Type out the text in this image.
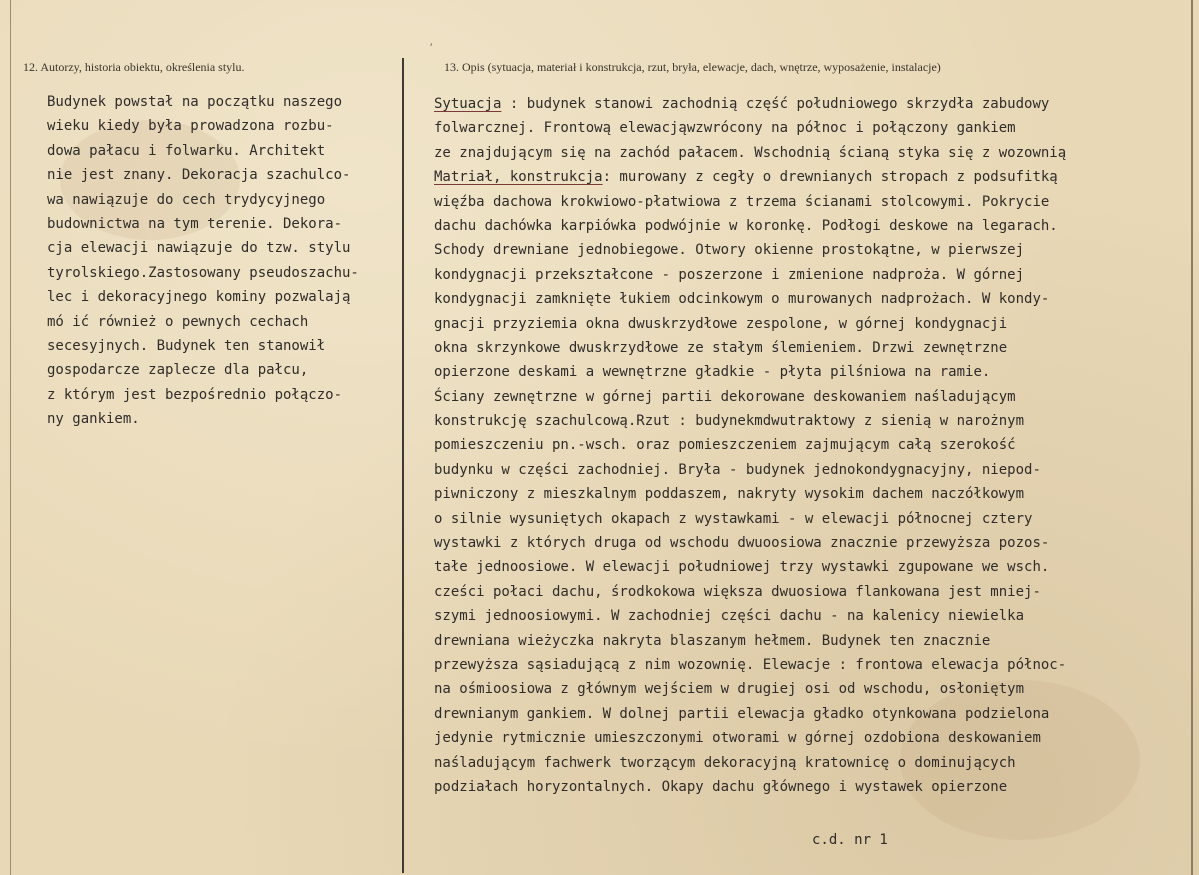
12. Autorzy, historia obiektu, określenia stylu.	13. Opis (sytuacja, materiał i konstrukcja, rzut, bryła, elewacje, dach, wnętrze, wyposażenie, instalacje)
′
Budynek powstał na początku naszego
wieku kiedy była prowadzona rozbu-
dowa pałacu i folwarku. Architekt
nie jest znany. Dekoracja szachulco-
wa nawiązuje do cech trydycyjnego
budownictwa na tym terenie. Dekora-
cja elewacji nawiązuje do tzw. stylu
tyrolskiego.Zastosowany pseudoszachu-
lec i dekoracyjnego kominy pozwalają
mó ić również o pewnych cechach
secesyjnych. Budynek ten stanowił
gospodarcze zaplecze dla pałcu,
z którym jest bezpośrednio połączo-
ny gankiem.
Sytuacja : budynek stanowi zachodnią część południowego skrzydła zabudowy
folwarcznej. Frontową elewacjąwzwrócony na północ i połączony gankiem
ze znajdującym się na zachód pałacem. Wschodnią ścianą styka się z wozownią
Matriał, konstrukcja: murowany z cegły o drewnianych stropach z podsufitką
więźba dachowa krokwiowo-płatwiowa z trzema ścianami stolcowymi. Pokrycie
dachu dachówka karpiówka podwójnie w koronkę. Podłogi deskowe na legarach.
Schody drewniane jednobiegowe. Otwory okienne prostokątne, w pierwszej
kondygnacji przekształcone - poszerzone i zmienione nadproża. W górnej
kondygnacji zamknięte łukiem odcinkowym o murowanych nadprożach. W kondy-
gnacji przyziemia okna dwuskrzydłowe zespolone, w górnej kondygnacji
okna skrzynkowe dwuskrzydłowe ze stałym ślemieniem. Drzwi zewnętrzne
opierzone deskami a wewnętrzne gładkie - płyta pilśniowa na ramie.
Ściany zewnętrzne w górnej partii dekorowane deskowaniem naśladującym
konstrukcję szachulcową.Rzut : budynekmdwutraktowy z sienią w narożnym
pomieszczeniu pn.-wsch. oraz pomieszczeniem zajmującym całą szerokość
budynku w części zachodniej. Bryła - budynek jednokondygnacyjny, niepod-
piwniczony z mieszkalnym poddaszem, nakryty wysokim dachem naczółkowym
o silnie wysuniętych okapach z wystawkami - w elewacji północnej cztery
wystawki z których druga od wschodu dwuoosiowa znacznie przewyższa pozos-
tałe jednoosiowe. W elewacji południowej trzy wystawki zgupowane we wsch.
cześci połaci dachu, środkokowa większa dwuosiowa flankowana jest mniej-
szymi jednoosiowymi. W zachodniej części dachu - na kalenicy niewielka
drewniana wieżyczka nakryta blaszanym hełmem. Budynek ten znacznie
przewyższa sąsiadującą z nim wozownię. Elewacje : frontowa elewacja północ-
na ośmioosiowa z głównym wejściem w drugiej osi od wschodu, osłoniętym
drewnianym gankiem. W dolnej partii elewacja gładko otynkowana podzielona
jedynie rytmicznie umieszczonymi otworami w górnej ozdobiona deskowaniem
naśladującym fachwerk tworzącym dekoracyjną kratownicę o dominujących
podziałach horyzontalnych. Okapy dachu głównego i wystawek opierzone
c.d. nr 1
